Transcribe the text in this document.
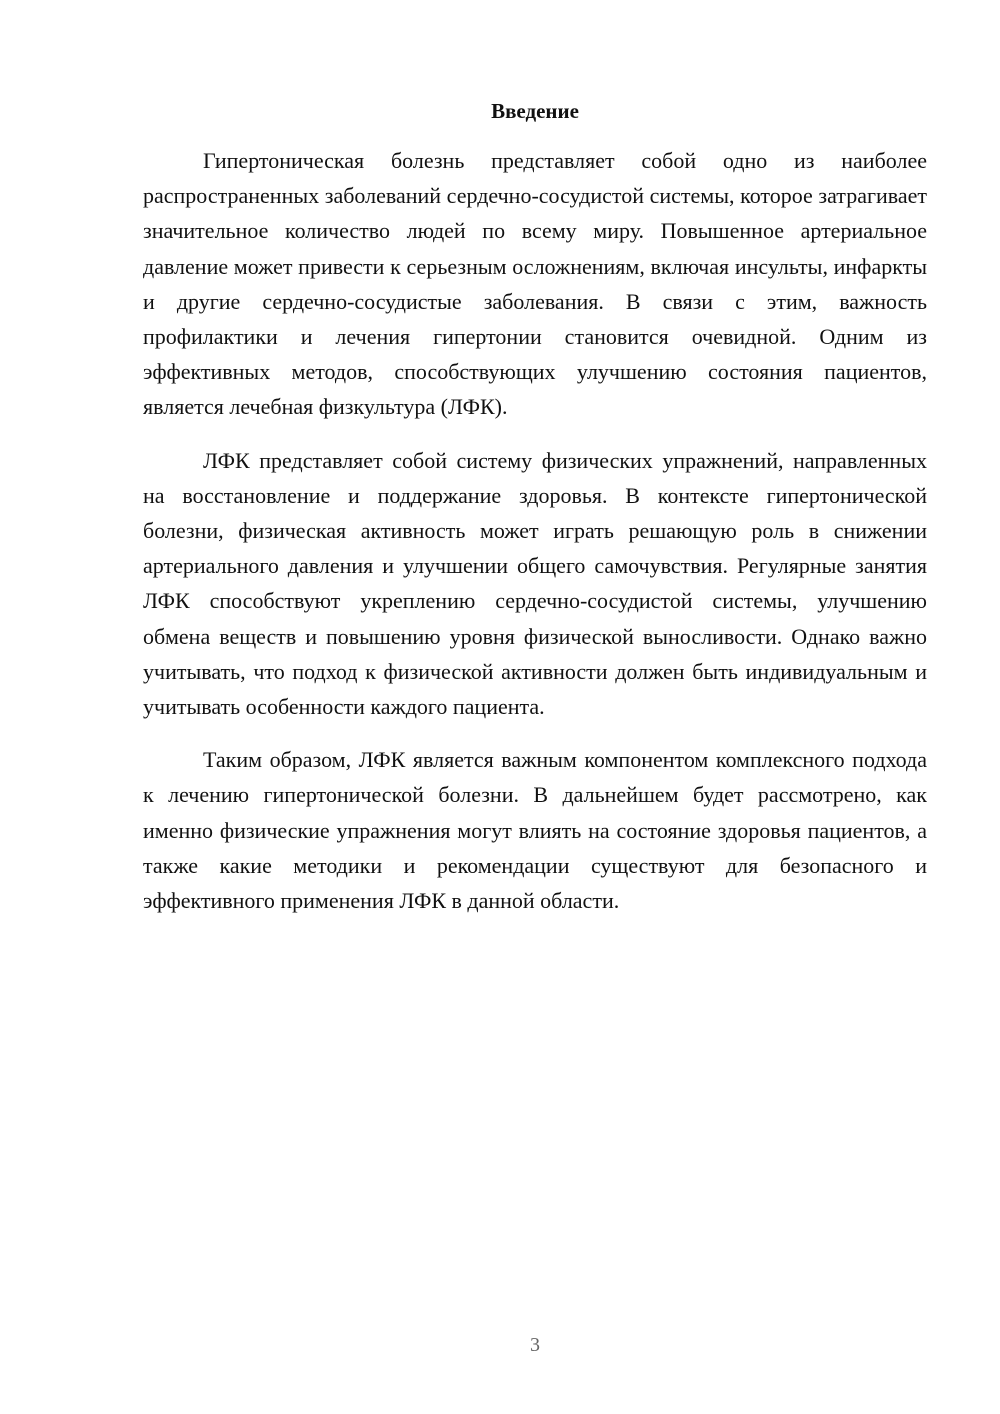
Введение

Гипертоническая болезнь представляет собой одно из наиболее распространенных заболеваний сердечно-сосудистой системы, которое затрагивает значительное количество людей по всему миру. Повышенное артериальное давление может привести к серьезным осложнениям, включая инсульты, инфаркты и другие сердечно-сосудистые заболевания. В связи с этим, важность профилактики и лечения гипертонии становится очевидной. Одним из эффективных методов, способствующих улучшению состояния пациентов, является лечебная физкультура (ЛФК).

ЛФК представляет собой систему физических упражнений, направленных на восстановление и поддержание здоровья. В контексте гипертонической болезни, физическая активность может играть решающую роль в снижении артериального давления и улучшении общего самочувствия. Регулярные занятия ЛФК способствуют укреплению сердечно-сосудистой системы, улучшению обмена веществ и повышению уровня физической выносливости. Однако важно учитывать, что подход к физической активности должен быть индивидуальным и учитывать особенности каждого пациента.

Таким образом, ЛФК является важным компонентом комплексного подхода к лечению гипертонической болезни. В дальнейшем будет рассмотрено, как именно физические упражнения могут влиять на состояние здоровья пациентов, а также какие методики и рекомендации существуют для безопасного и эффективного применения ЛФК в данной области.

3
